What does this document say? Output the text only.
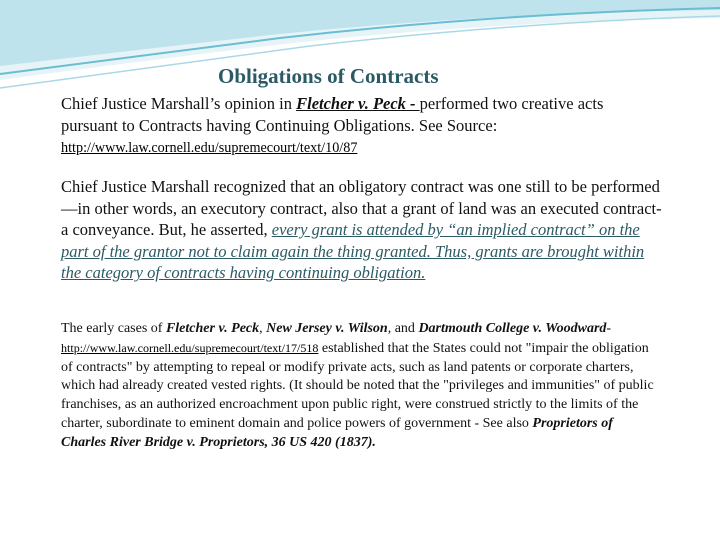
Obligations of Contracts

Chief Justice Marshall’s opinion in Fletcher v. Peck - performed two creative acts pursuant to Contracts having Continuing Obligations. See Source: http://www.law.cornell.edu/supremecourt/text/10/87

Chief Justice Marshall recognized that an obligatory contract was one still to be performed—in other words, an executory contract, also that a grant of land was an executed contract- a conveyance. But, he asserted, every grant is attended by “an implied contract” on the part of the grantor not to claim again the thing granted. Thus, grants are brought within the category of contracts having continuing obligation.

The early cases of Fletcher v. Peck, New Jersey v. Wilson, and Dartmouth College v. Woodward- http://www.law.cornell.edu/supremecourt/text/17/518 established that the States could not "impair the obligation of contracts" by attempting to repeal or modify private acts, such as land patents or corporate charters, which had already created vested rights. (It should be noted that the "privileges and immunities" of public franchises, as an authorized encroachment upon public right, were construed strictly to the limits of the charter, subordinate to eminent domain and police powers of government - See also Proprietors of Charles River Bridge v. Proprietors, 36 US 420 (1837).
